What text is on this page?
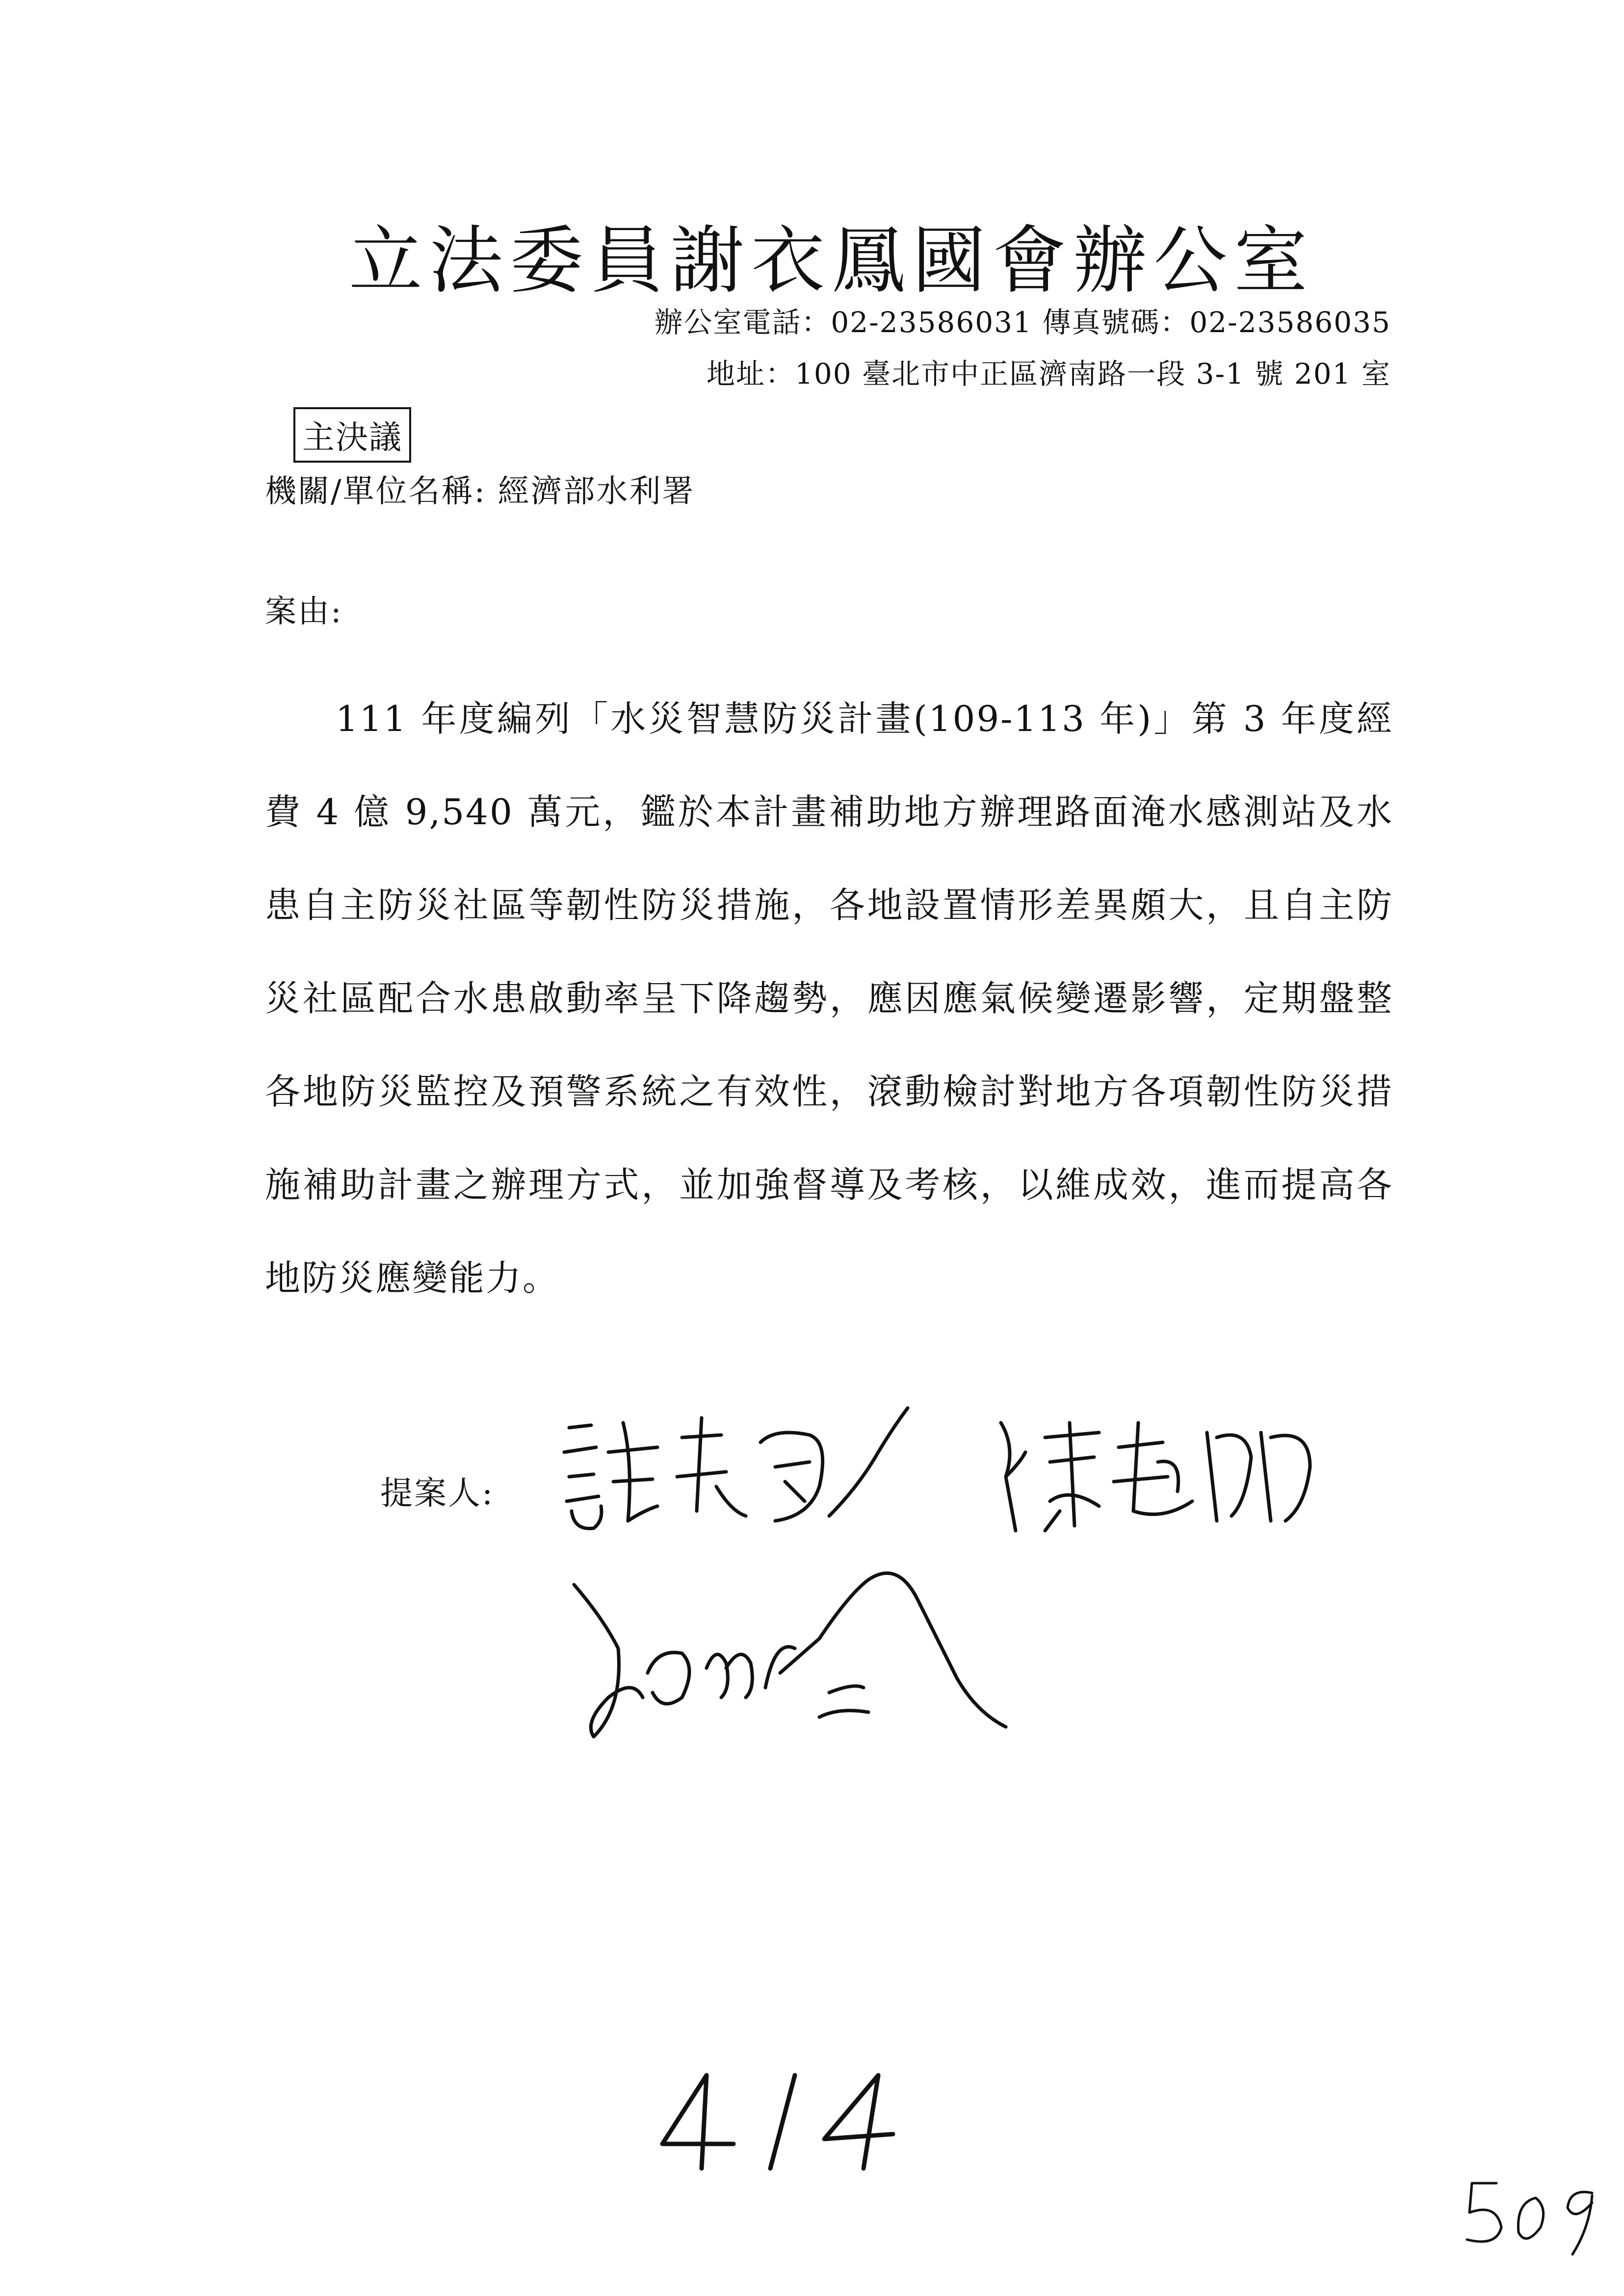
立法委員謝衣鳳國會辦公室
辦公室電話：02-23586031 傳真號碼：02-23586035
地址：100 臺北市中正區濟南路一段 3-1 號 201 室
主決議
機關/單位名稱: 經濟部水利署
案由:
111 年度編列「水災智慧防災計畫(109-113 年)」第 3 年度經費 4 億 9,540 萬元，鑑於本計畫補助地方辦理路面淹水感測站及水患自主防災社區等韌性防災措施，各地設置情形差異頗大，且自主防災社區配合水患啟動率呈下降趨勢，應因應氣候變遷影響，定期盤整各地防災監控及預警系統之有效性，滾動檢討對地方各項韌性防災措施補助計畫之辦理方式，並加強督導及考核，以維成效，進而提高各地防災應變能力。
提案人:
